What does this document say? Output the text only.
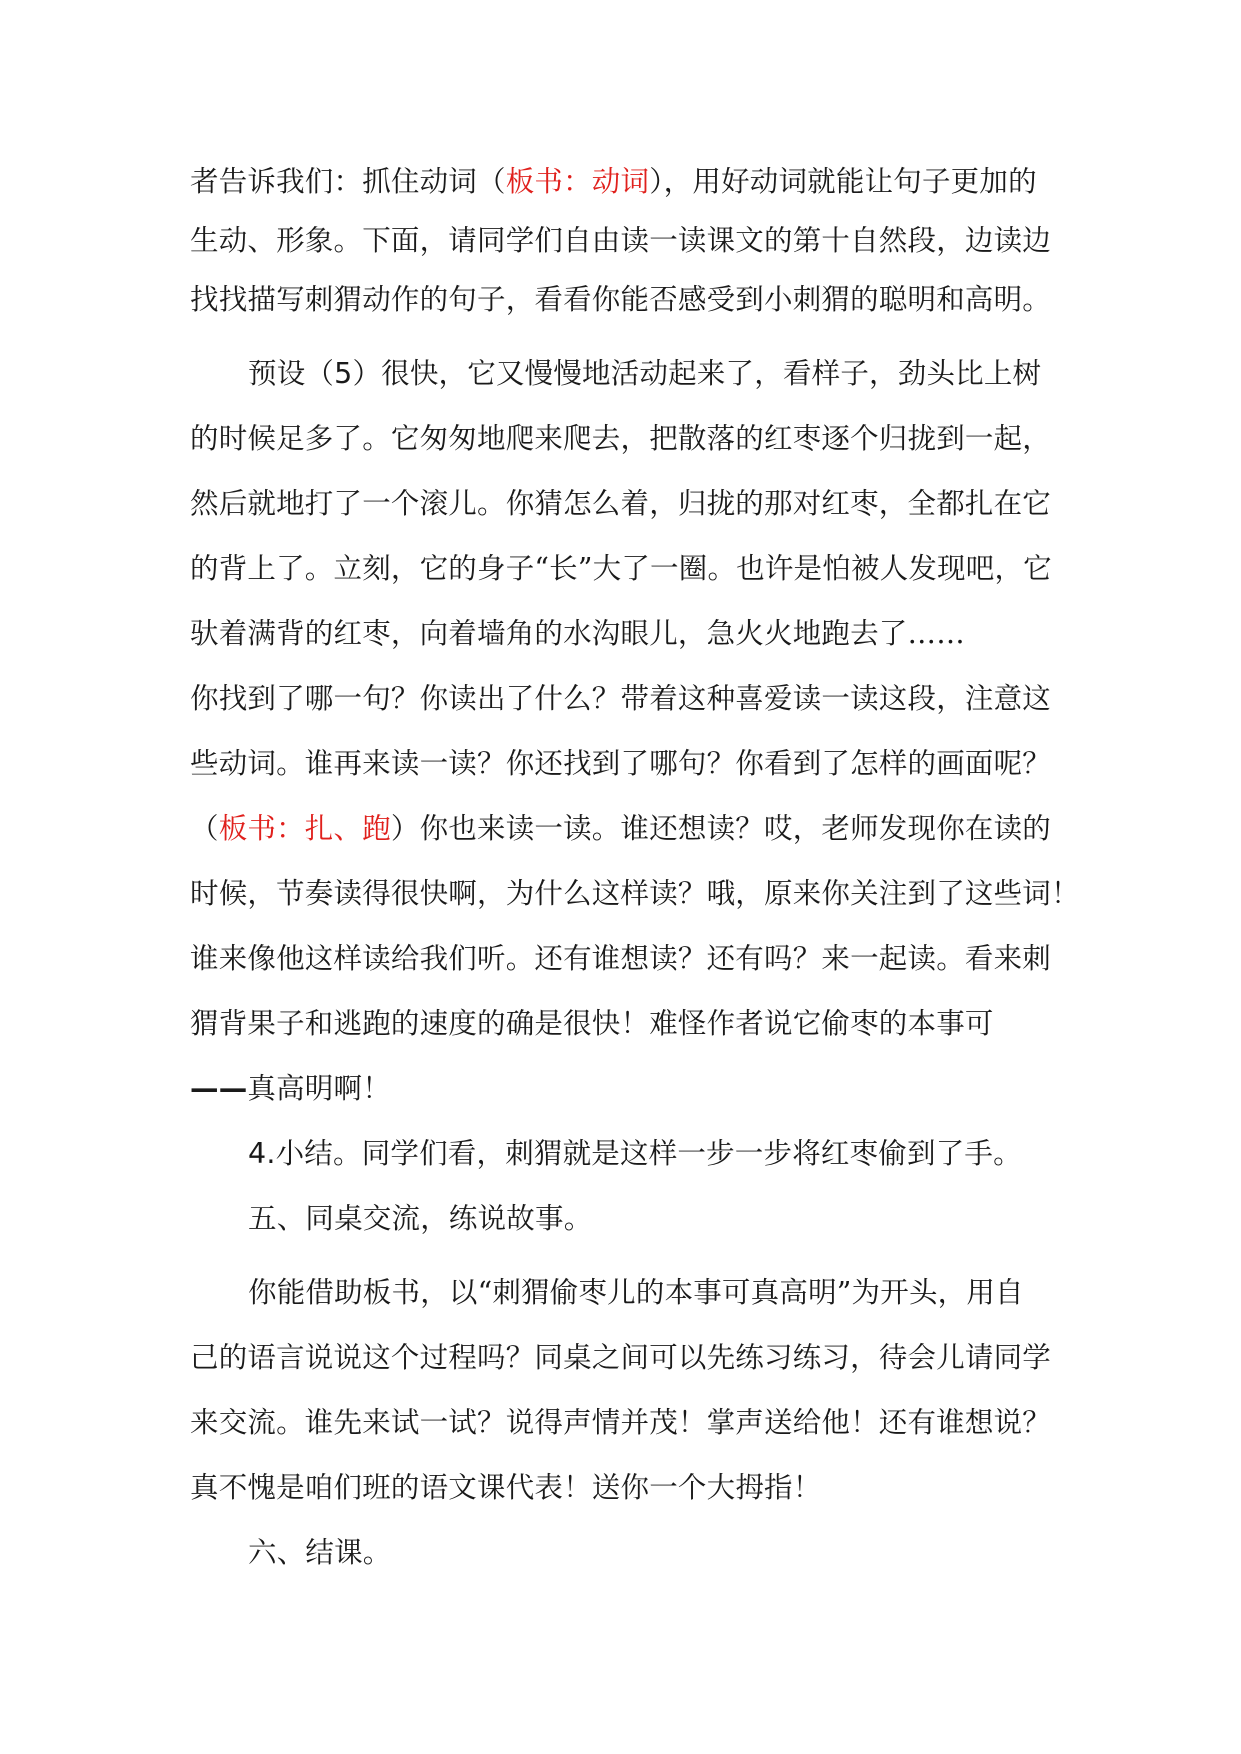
者告诉我们：抓住动词（板书：动词），用好动词就能让句子更加的
生动、形象。下面，请同学们自由读一读课文的第十自然段，边读边
找找描写刺猬动作的句子，看看你能否感受到小刺猬的聪明和高明。
预设（5）很快，它又慢慢地活动起来了，看样子，劲头比上树
的时候足多了。它匆匆地爬来爬去，把散落的红枣逐个归拢到一起，
然后就地打了一个滚儿。你猜怎么着，归拢的那对红枣，全都扎在它
的背上了。立刻，它的身子“长”大了一圈。也许是怕被人发现吧，它
驮着满背的红枣，向着墙角的水沟眼儿，急火火地跑去了……
你找到了哪一句？你读出了什么？带着这种喜爱读一读这段，注意这
些动词。谁再来读一读？你还找到了哪句？你看到了怎样的画面呢？
（板书：扎、跑）你也来读一读。谁还想读？哎，老师发现你在读的
时候，节奏读得很快啊，为什么这样读？哦，原来你关注到了这些词！
谁来像他这样读给我们听。还有谁想读？还有吗？来一起读。看来刺
猬背果子和逃跑的速度的确是很快！难怪作者说它偷枣的本事可
——真高明啊！
4.小结。同学们看，刺猬就是这样一步一步将红枣偷到了手。
五、同桌交流，练说故事。
你能借助板书，以“刺猬偷枣儿的本事可真高明”为开头，用自
己的语言说说这个过程吗？同桌之间可以先练习练习，待会儿请同学
来交流。谁先来试一试？说得声情并茂！掌声送给他！还有谁想说？
真不愧是咱们班的语文课代表！送你一个大拇指！
六、结课。
